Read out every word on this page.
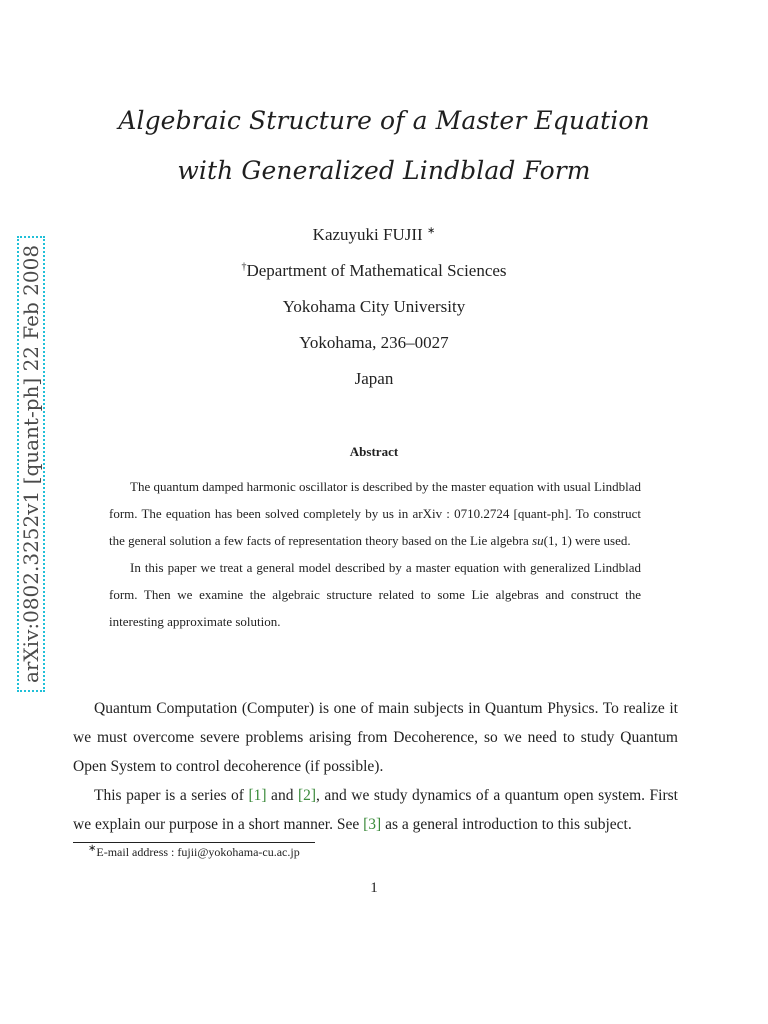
arXiv:0802.3252v1 [quant-ph] 22 Feb 2008
Algebraic Structure of a Master Equation
with Generalized Lindblad Form
Kazuyuki FUJII ∗
†Department of Mathematical Sciences
Yokohama City University
Yokohama, 236–0027
Japan
Abstract

The quantum damped harmonic oscillator is described by the master equation with usual Lindblad form. The equation has been solved completely by us in arXiv : 0710.2724 [quant-ph]. To construct the general solution a few facts of representation theory based on the Lie algebra su(1, 1) were used.

In this paper we treat a general model described by a master equation with generalized Lindblad form. Then we examine the algebraic structure related to some Lie algebras and construct the interesting approximate solution.

Quantum Computation (Computer) is one of main subjects in Quantum Physics. To realize it we must overcome severe problems arising from Decoherence, so we need to study Quantum Open System to control decoherence (if possible).

This paper is a series of [1] and [2], and we study dynamics of a quantum open system. First we explain our purpose in a short manner. See [3] as a general introduction to this subject.

∗E-mail address : fujii@yokohama-cu.ac.jp
1
